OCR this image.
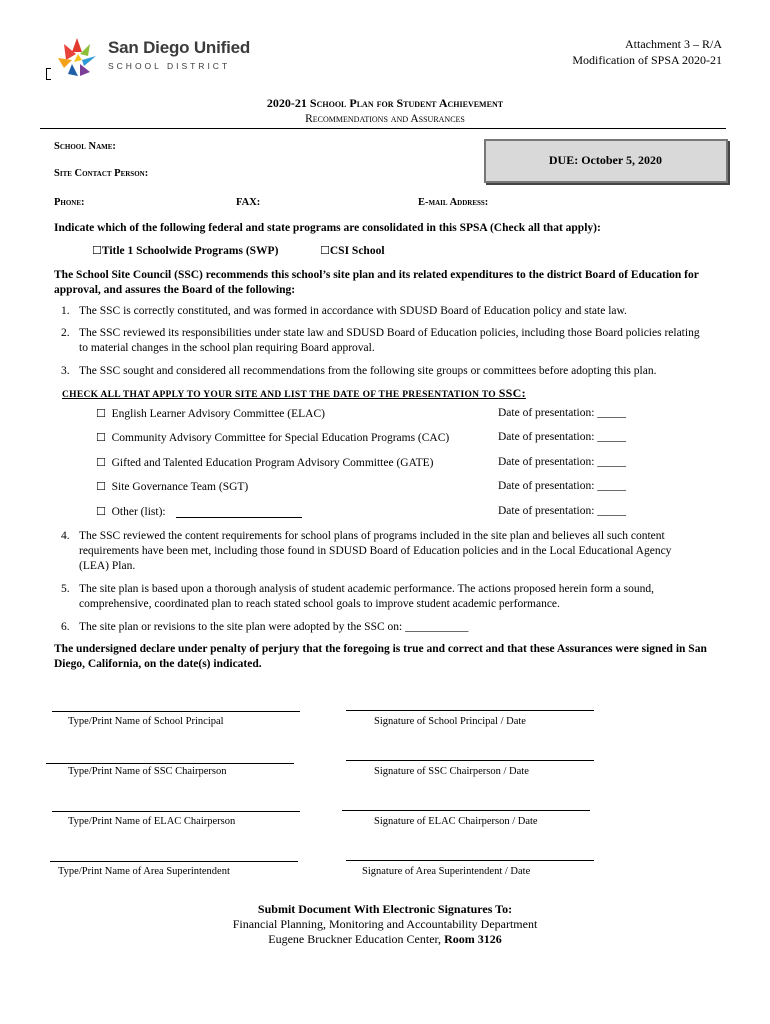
San Diego Unified
SCHOOL DISTRICT
Attachment 3 – R/A
Modification of SPSA 2020-21
2020-21 School Plan for Student Achievement
Recommendations and Assurances
School Name:
DUE: October 5, 2020
Site Contact Person:
Phone:	FAX:	E-mail Address:
Indicate which of the following federal and state programs are consolidated in this SPSA (Check all that apply):
☐Title 1 Schoolwide Programs (SWP)	☐CSI School
The School Site Council (SSC) recommends this school’s site plan and its related expenditures to the district Board of Education for approval, and assures the Board of the following:
1. The SSC is correctly constituted, and was formed in accordance with SDUSD Board of Education policy and state law.
2. The SSC reviewed its responsibilities under state law and SDUSD Board of Education policies, including those Board policies relating to material changes in the school plan requiring Board approval.
3. The SSC sought and considered all recommendations from the following site groups or committees before adopting this plan.
CHECK ALL THAT APPLY TO YOUR SITE AND LIST THE DATE OF THE PRESENTATION TO SSC:
☐ English Learner Advisory Committee (ELAC)	Date of presentation: _____
☐ Community Advisory Committee for Special Education Programs (CAC)	Date of presentation: _____
☐ Gifted and Talented Education Program Advisory Committee (GATE)	Date of presentation: _____
☐ Site Governance Team (SGT)	Date of presentation: _____
☐ Other (list):	Date of presentation: _____
4. The SSC reviewed the content requirements for school plans of programs included in the site plan and believes all such content requirements have been met, including those found in SDUSD Board of Education policies and in the Local Educational Agency (LEA) Plan.
5. The site plan is based upon a thorough analysis of student academic performance. The actions proposed herein form a sound, comprehensive, coordinated plan to reach stated school goals to improve student academic performance.
6. The site plan or revisions to the site plan were adopted by the SSC on: ___________
The undersigned declare under penalty of perjury that the foregoing is true and correct and that these Assurances were signed in San Diego, California, on the date(s) indicated.
Type/Print Name of School Principal	Signature of School Principal / Date
Type/Print Name of SSC Chairperson	Signature of SSC Chairperson / Date
Type/Print Name of ELAC Chairperson	Signature of ELAC Chairperson / Date
Type/Print Name of Area Superintendent	Signature of Area Superintendent / Date
Submit Document With Electronic Signatures To:
Financial Planning, Monitoring and Accountability Department
Eugene Bruckner Education Center, Room 3126
